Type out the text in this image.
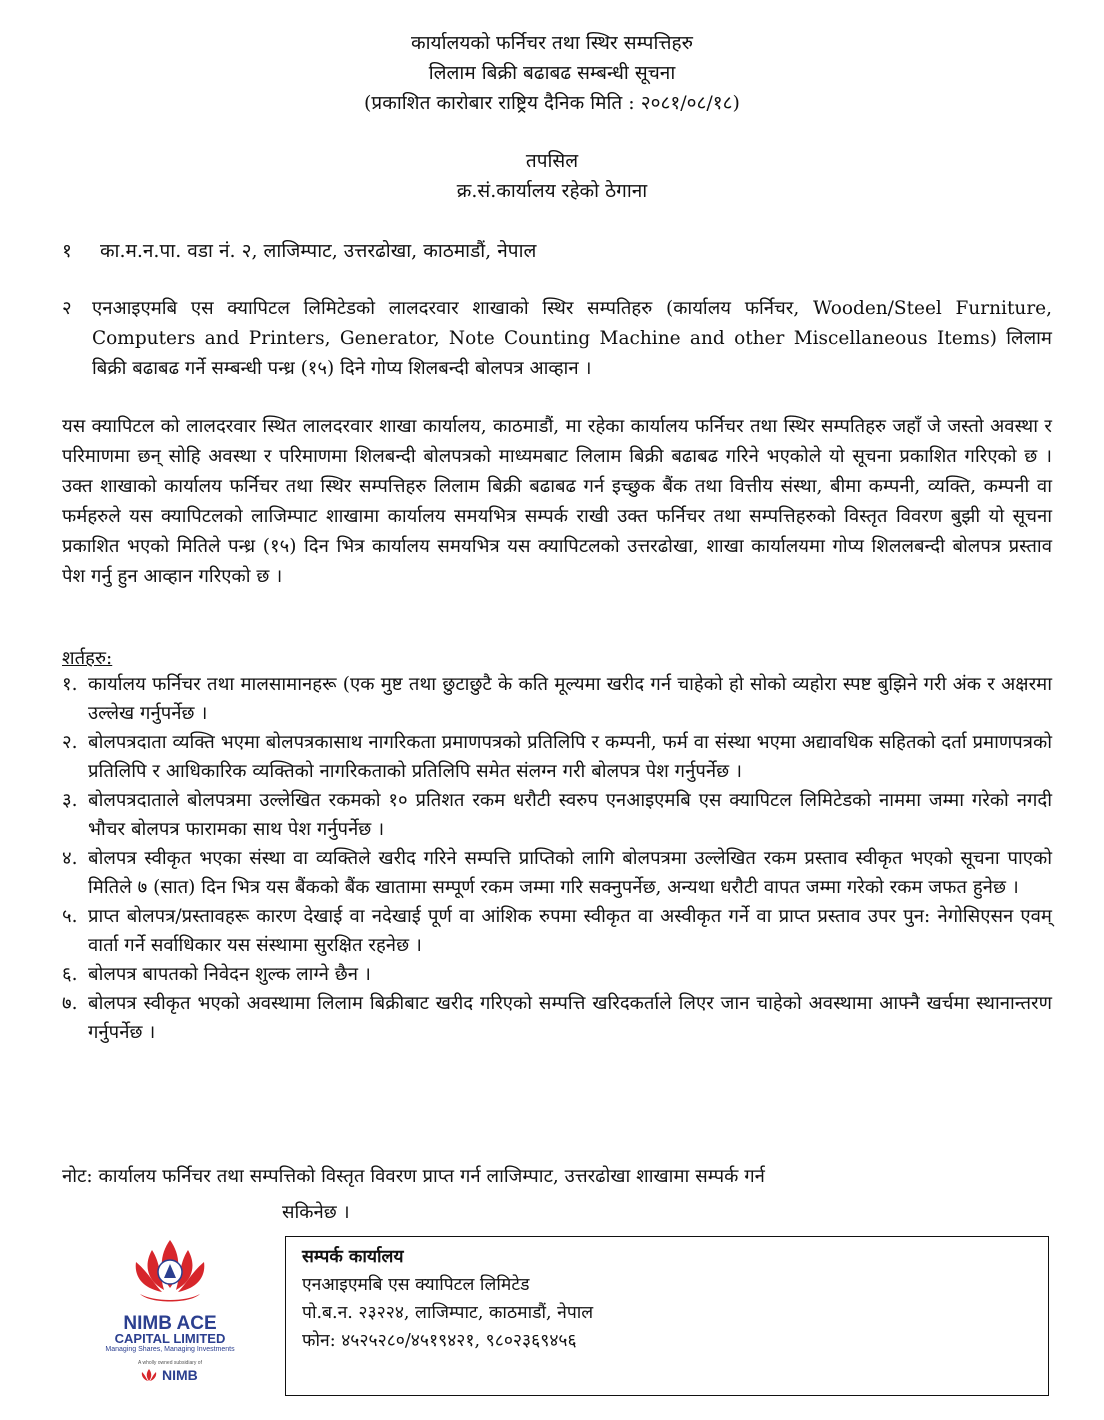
कार्यालयको फर्निचर तथा स्थिर सम्पत्तिहरु
लिलाम बिक्री बढाबढ सम्बन्धी सूचना
(प्रकाशित कारोबार राष्ट्रिय दैनिक मिति : २०८१/०८/१८)
तपसिल
क्र.सं.कार्यालय रहेको ठेगाना
१ का.म.न.पा. वडा नं. २, लाजिम्पाट, उत्तरढोखा, काठमाडौं, नेपाल
२ एनआइएमबि एस क्यापिटल लिमिटेडको लालदरवार शाखाको स्थिर सम्पतिहरु (कार्यालय फर्निचर, Wooden/Steel Furniture, Computers and Printers, Generator, Note Counting Machine and other Miscellaneous Items) लिलाम बिक्री बढाबढ गर्ने सम्बन्धी पन्ध्र (१५) दिने गोप्य शिलबन्दी बोलपत्र आव्हान ।
यस क्यापिटल को लालदरवार स्थित लालदरवार शाखा कार्यालय, काठमाडौं, मा रहेका कार्यालय फर्निचर तथा स्थिर सम्पतिहरु जहाँ जे जस्तो अवस्था र परिमाणमा छन् सोहि अवस्था र परिमाणमा शिलबन्दी बोलपत्रको माध्यमबाट लिलाम बिक्री बढाबढ गरिने भएकोले यो सूचना प्रकाशित गरिएको छ । उक्त शाखाको कार्यालय फर्निचर तथा स्थिर सम्पत्तिहरु लिलाम बिक्री बढाबढ गर्न इच्छुक बैंक तथा वित्तीय संस्था, बीमा कम्पनी, व्यक्ति, कम्पनी वा फर्महरुले यस क्यापिटलको लाजिम्पाट शाखामा कार्यालय समयभित्र सम्पर्क राखी उक्त फर्निचर तथा सम्पत्तिहरुको विस्तृत विवरण बुझी यो सूचना प्रकाशित भएको मितिले पन्ध्र (१५) दिन भित्र कार्यालय समयभित्र यस क्यापिटलको उत्तरढोखा, शाखा कार्यालयमा गोप्य शिललबन्दी बोलपत्र प्रस्ताव पेश गर्नु हुन आव्हान गरिएको छ ।
शर्तहरु:
१. कार्यालय फर्निचर तथा मालसामानहरू (एक मुष्ट तथा छुटाछुटै के कति मूल्यमा खरीद गर्न चाहेको हो सोको व्यहोरा स्पष्ट बुझिने गरी अंक र अक्षरमा उल्लेख गर्नुपर्नेछ ।
२. बोलपत्रदाता व्यक्ति भएमा बोलपत्रकासाथ नागरिकता प्रमाणपत्रको प्रतिलिपि र कम्पनी, फर्म वा संस्था भएमा अद्यावधिक सहितको दर्ता प्रमाणपत्रको प्रतिलिपि र आधिकारिक व्यक्तिको नागरिकताको प्रतिलिपि समेत संलग्न गरी बोलपत्र पेश गर्नुपर्नेछ ।
३. बोलपत्रदाताले बोलपत्रमा उल्लेखित रकमको १० प्रतिशत रकम धरौटी स्वरुप एनआइएमबि एस क्यापिटल लिमिटेडको नाममा जम्मा गरेको नगदी भौचर बोलपत्र फारामका साथ पेश गर्नुपर्नेछ ।
४. बोलपत्र स्वीकृत भएका संस्था वा व्यक्तिले खरीद गरिने सम्पत्ति प्राप्तिको लागि बोलपत्रमा उल्लेखित रकम प्रस्ताव स्वीकृत भएको सूचना पाएको मितिले ७ (सात) दिन भित्र यस बैंकको बैंक खातामा सम्पूर्ण रकम जम्मा गरि सक्नुपर्नेछ, अन्यथा धरौटी वापत जम्मा गरेको रकम जफत हुनेछ ।
५. प्राप्त बोलपत्र/प्रस्तावहरू कारण देखाई वा नदेखाई पूर्ण वा आंशिक रुपमा स्वीकृत वा अस्वीकृत गर्ने वा प्राप्त प्रस्ताव उपर पुन: नेगोसिएसन एवम् वार्ता गर्ने सर्वाधिकार यस संस्थामा सुरक्षित रहनेछ ।
६. बोलपत्र बापतको निवेदन शुल्क लाग्ने छैन ।
७. बोलपत्र स्वीकृत भएको अवस्थामा लिलाम बिक्रीबाट खरीद गरिएको सम्पत्ति खरिदकर्ताले लिएर जान चाहेको अवस्थामा आफ्नै खर्चमा स्थानान्तरण गर्नुपर्नेछ ।
नोट: कार्यालय फर्निचर तथा सम्पत्तिको विस्तृत विवरण प्राप्त गर्न लाजिम्पाट, उत्तरढोखा शाखामा सम्पर्क गर्न
सकिनेछ ।
NIMB ACE
CAPITAL LIMITED
Managing Shares, Managing Investments
A wholly owned subsidiary of
NIMB
सम्पर्क कार्यालय
एनआइएमबि एस क्यापिटल लिमिटेड
पो.ब.न. २३२२४, लाजिम्पाट, काठमाडौं, नेपाल
फोन: ४५२५२८०/४५१९४२१, ९८०२३६९४५६
